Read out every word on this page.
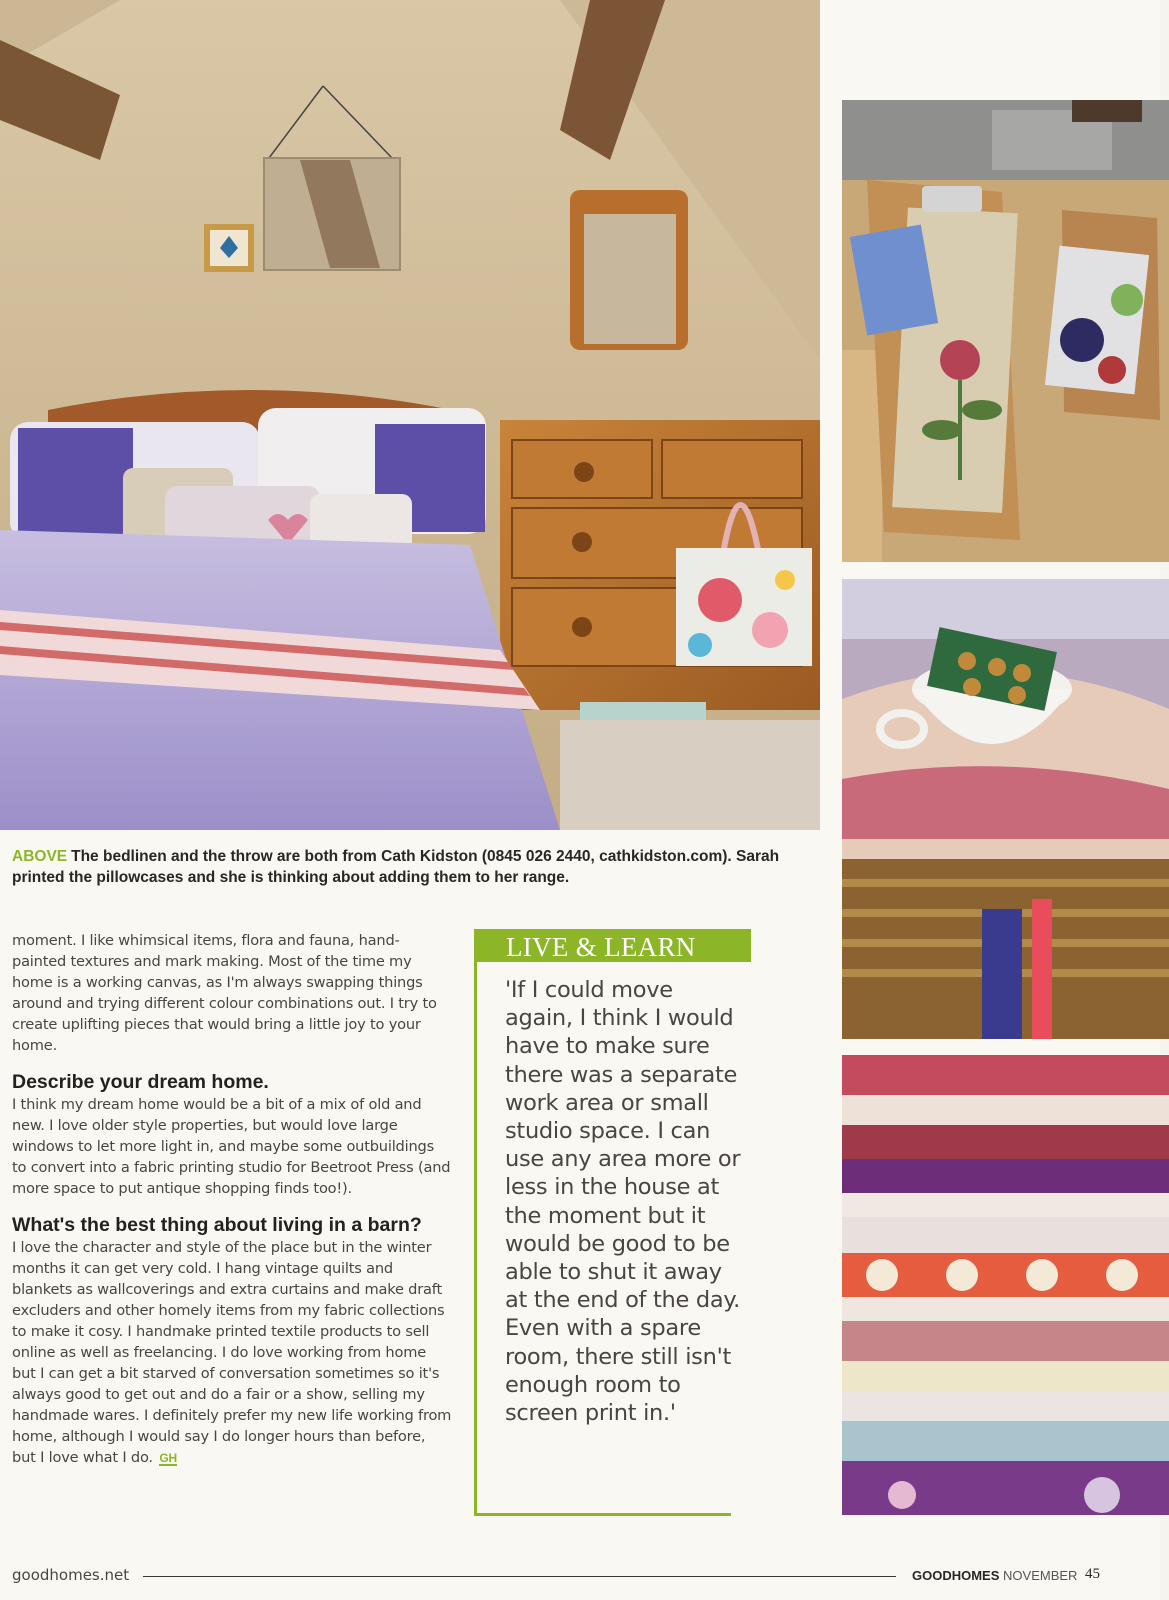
ABOVE The bedlinen and the throw are both from Cath Kidston (0845 026 2440, cathkidston.com). Sarah printed the pillowcases and she is thinking about adding them to her range.

moment. I like whimsical items, flora and fauna, hand-painted textures and mark making. Most of the time my home is a working canvas, as I'm always swapping things around and trying different colour combinations out. I try to create uplifting pieces that would bring a little joy to your home.

Describe your dream home.

I think my dream home would be a bit of a mix of old and new. I love older style properties, but would love large windows to let more light in, and maybe some outbuildings to convert into a fabric printing studio for Beetroot Press (and more space to put antique shopping finds too!).

What's the best thing about living in a barn?

I love the character and style of the place but in the winter months it can get very cold. I hang vintage quilts and blankets as wallcoverings and extra curtains and make draft excluders and other homely items from my fabric collections to make it cosy. I handmake printed textile products to sell online as well as freelancing. I do love working from home but I can get a bit starved of conversation sometimes so it's always good to get out and do a fair or a show, selling my handmade wares. I definitely prefer my new life working from home, although I would say I do longer hours than before, but I love what I do. GH

LIVE & LEARN
'If I could move again, I think I would have to make sure there was a separate work area or small studio space. I can use any area more or less in the house at the moment but it would be good to be able to shut it away at the end of the day. Even with a spare room, there still isn't enough room to screen print in.'
goodhomes.net	GOODHOMES NOVEMBER 45
